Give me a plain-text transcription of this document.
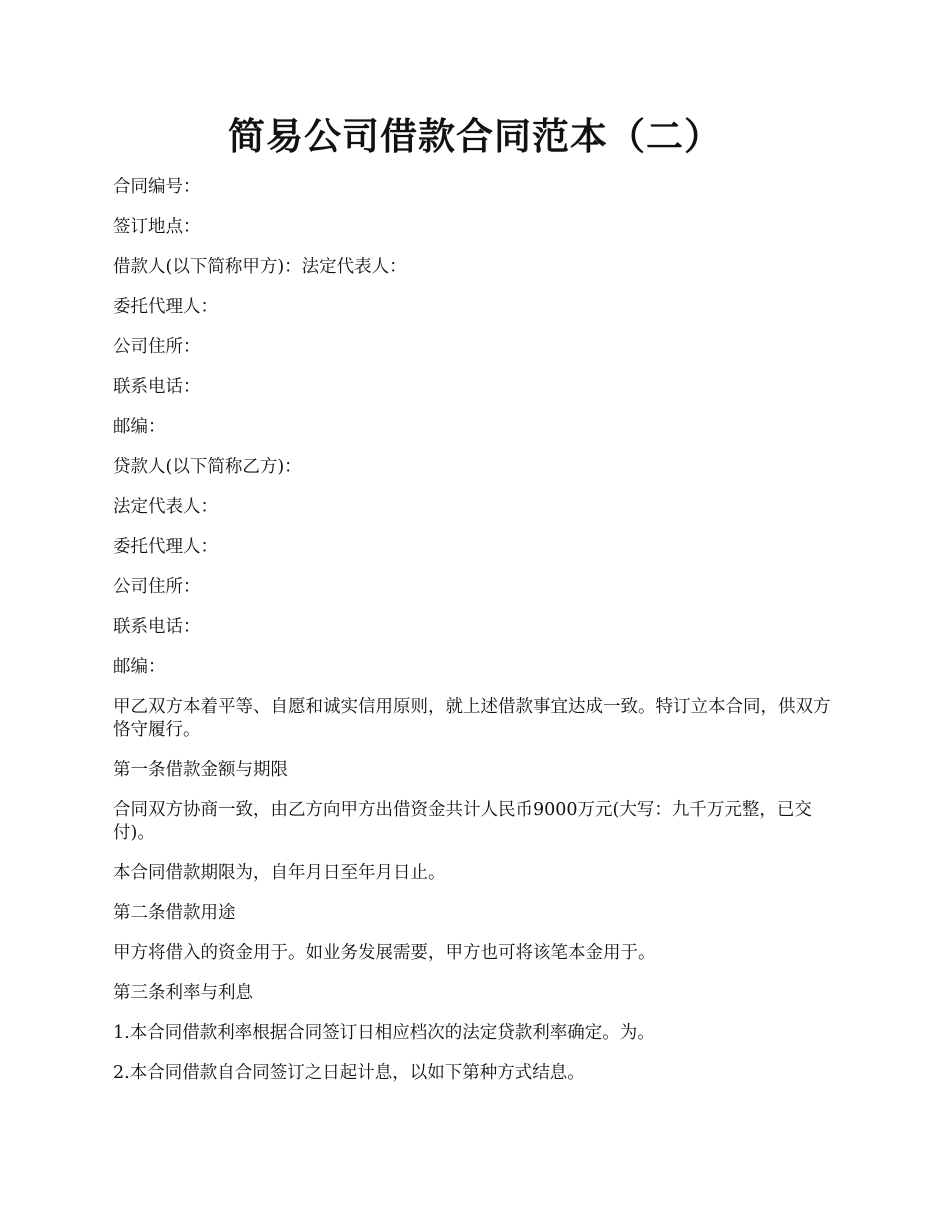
简易公司借款合同范本（二）

合同编号：

签订地点：

借款人(以下简称甲方)：法定代表人：

委托代理人：

公司住所：

联系电话：

邮编：

贷款人(以下简称乙方)：

法定代表人：

委托代理人：

公司住所：

联系电话：

邮编：

甲乙双方本着平等、自愿和诚实信用原则，就上述借款事宜达成一致。特订立本合同，供双方恪守履行。

第一条借款金额与期限

合同双方协商一致，由乙方向甲方出借资金共计人民币9000万元(大写：九千万元整，已交付)。

本合同借款期限为，自年月日至年月日止。

第二条借款用途

甲方将借入的资金用于。如业务发展需要，甲方也可将该笔本金用于。

第三条利率与利息

1.本合同借款利率根据合同签订日相应档次的法定贷款利率确定。为。

2.本合同借款自合同签订之日起计息，以如下第种方式结息。
